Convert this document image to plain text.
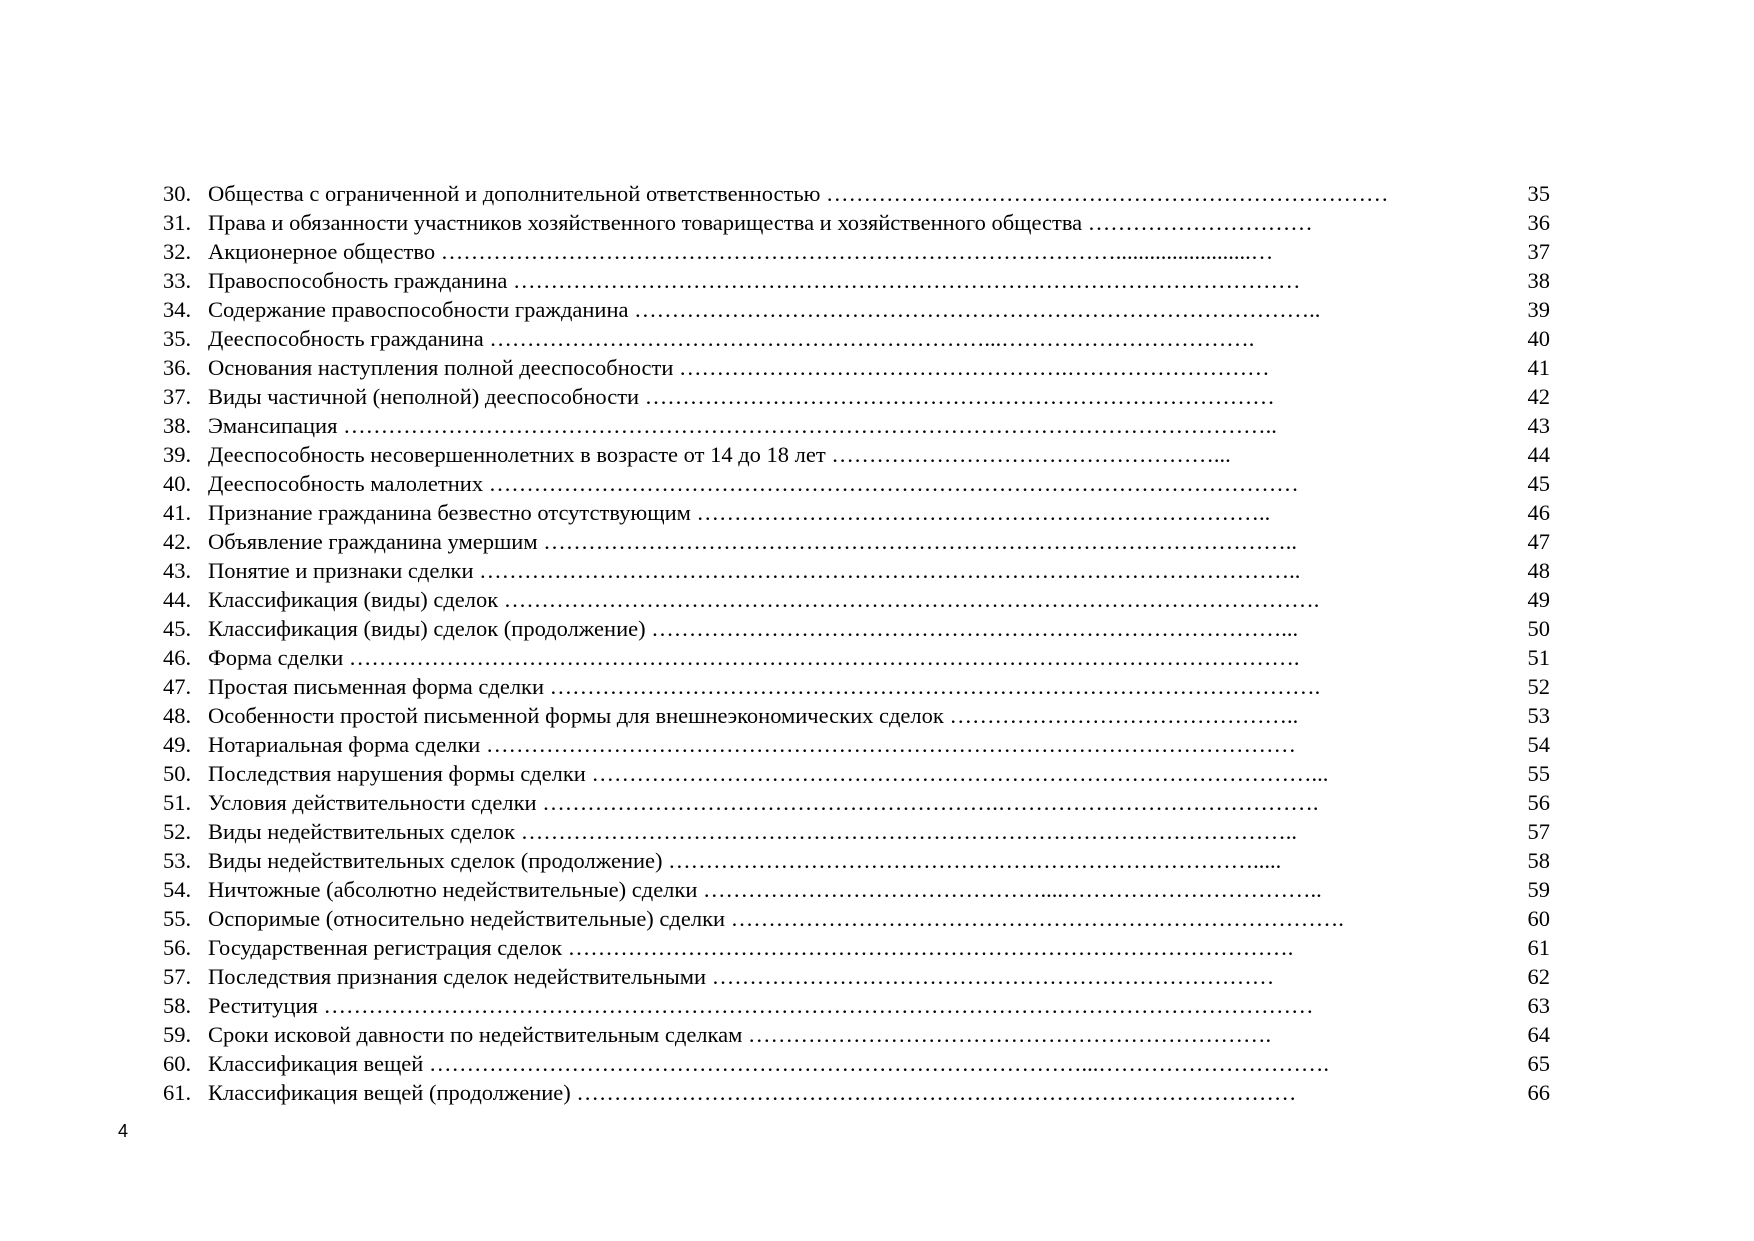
30. Общества с ограниченной и дополнительной ответственностью …………………………………………………………………	35
31. Права и обязанности участников хозяйственного товарищества и хозяйственного общества …………………………	36
32. Акционерное общество ………………………………………………………………………………........................…	37
33. Правоспособность гражданина ……………………………………………………………………………………………	38
34. Содержание правоспособности гражданина ………………………………………………………………………………..	39
35. Дееспособность гражданина …………………………………………………………...…………………………….	40
36. Основания наступления полной дееспособности …………………………………………….………………………	41
37. Виды частичной (неполной) дееспособности …………………………………………………………………………	42
38. Эмансипация ……………………………………………………………………………………………………………..	43
39. Дееспособность несовершеннолетних в возрасте от 14 до 18 лет ……………………………………………...	44
40. Дееспособность малолетних ………………………………………………………………………………………………	45
41. Признание гражданина безвестно отсутствующим …………………………………………………………………..	46
42. Объявление гражданина умершим ………………………………………………………………………………………..	47
43. Понятие и признаки сделки ………………………………………………………………………………………………..	48
44. Классификация (виды) сделок ……………………………………………………………………………………………….	49
45. Классификация (виды) сделок (продолжение) …………………………………………………………………………...	50
46. Форма сделки ……………………………………………………………………………………………………………….	51
47. Простая письменная форма сделки ………………………………………………………………………………………….	52
48. Особенности простой письменной формы для внешнеэкономических сделок ………………………………………..	53
49. Нотариальная форма сделки ………………………………………………………………………………………………	54
50. Последствия нарушения формы сделки ……………………………………………………………………………………...	55
51. Условия действительности сделки …………………………………………………….…………………………………….	56
52. Виды недействительных сделок …………………………………………………………………………………………..	57
53. Виды недействительных сделок (продолжение) …………………………………………………………………….....	58
54. Ничтожные (абсолютно недействительные) сделки ………………………………………....……………………………..	59
55. Оспоримые (относительно недействительные) сделки ……………………………………………………………………….	60
56. Государственная регистрация сделок …………………………………………………………………………………….	61
57. Последствия признания сделок недействительными …………………………………………………………………	62
58. Реституция ……………………………………………………………………………………………………………………	63
59. Сроки исковой давности по недействительным сделкам …………………………………………………………….	64
60. Классификация вещей ……………………………………………………………………………...………………………….	65
61. Классификация вещей (продолжение) ……………………………………………………………………………………	66
4
